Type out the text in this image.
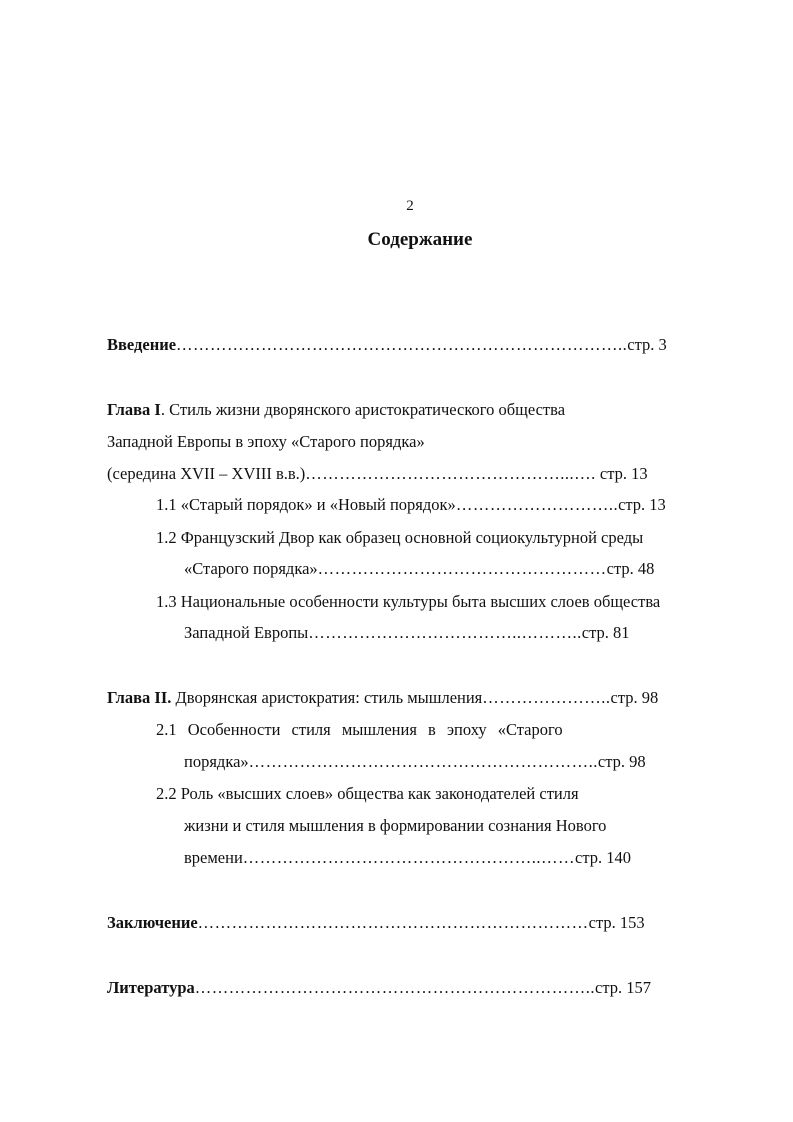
2
Содержание
Введение……………………………………………………………………..стр. 3
Глава I. Стиль жизни дворянского аристократического общества
Западной Европы в эпоху «Старого порядка»
(середина XVII – XVIII в.в.)………………………………………...…. стр. 13
1.1 «Старый порядок» и «Новый порядок»………………………..стр. 13
1.2 Французский Двор как образец основной социокультурной среды
«Старого порядка»……………………………………………стр. 48
1.3 Национальные особенности культуры быта высших слоев общества
Западной Европы………………………………..………..стр. 81
Глава II. Дворянская аристократия: стиль мышления…………………..стр. 98
2.1 Особенности стиля мышления в эпоху «Старого
порядка»……………………………………………………..стр. 98
2.2 Роль «высших слоев» общества как законодателей стиля
жизни и стиля мышления в формировании сознания Нового
времени……………………………………………..……стр. 140
Заключение……………………………………………………………стр. 153
Литература……………………………………………………………..стр. 157
